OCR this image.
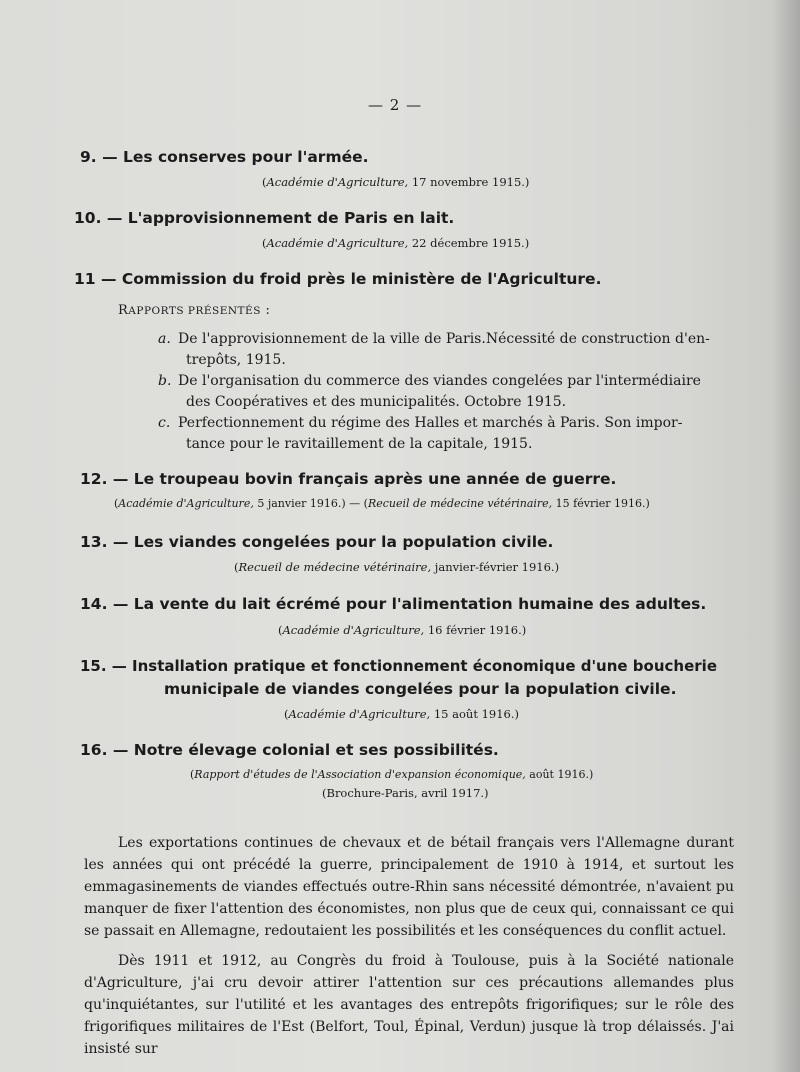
— 2 —
9. — Les conserves pour l'armée.
(Académie d'Agriculture, 17 novembre 1915.)
10. — L'approvisionnement de Paris en lait.
(Académie d'Agriculture, 22 décembre 1915.)
11 — Commission du froid près le ministère de l'Agriculture.
RAPPORTS PRÉSENTÉS :
a. De l'approvisionnement de la ville de Paris.Nécessité de construction d'en-
trepôts, 1915.
b. De l'organisation du commerce des viandes congelées par l'intermédiaire
des Coopératives et des municipalités. Octobre 1915.
c. Perfectionnement du régime des Halles et marchés à Paris. Son impor-
tance pour le ravitaillement de la capitale, 1915.
12. — Le troupeau bovin français après une année de guerre.
(Académie d'Agriculture, 5 janvier 1916.) — (Recueil de médecine vétérinaire, 15 février 1916.)
13. — Les viandes congelées pour la population civile.
(Recueil de médecine vétérinaire, janvier-février 1916.)
14. — La vente du lait écrémé pour l'alimentation humaine des adultes.
(Académie d'Agriculture, 16 février 1916.)
15. — Installation pratique et fonctionnement économique d'une boucherie
municipale de viandes congelées pour la population civile.
(Académie d'Agriculture, 15 août 1916.)
16. — Notre élevage colonial et ses possibilités.
(Rapport d'études de l'Association d'expansion économique, août 1916.)
(Brochure-Paris, avril 1917.)
Les exportations continues de chevaux et de bétail français vers l'Allemagne durant les années qui ont précédé la guerre, principalement de 1910 à 1914, et surtout les emmagasinements de viandes effectués outre-Rhin sans nécessité démontrée, n'avaient pu manquer de fixer l'attention des économistes, non plus que de ceux qui, connaissant ce qui se passait en Allemagne, redoutaient les possibilités et les conséquences du conflit actuel.
Dès 1911 et 1912, au Congrès du froid à Toulouse, puis à la Société nationale d'Agriculture, j'ai cru devoir attirer l'attention sur ces précautions allemandes plus qu'inquiétantes, sur l'utilité et les avantages des entrepôts frigorifiques; sur le rôle des frigorifiques militaires de l'Est (Belfort, Toul, Épinal, Verdun) jusque là trop délaissés. J'ai insisté sur
